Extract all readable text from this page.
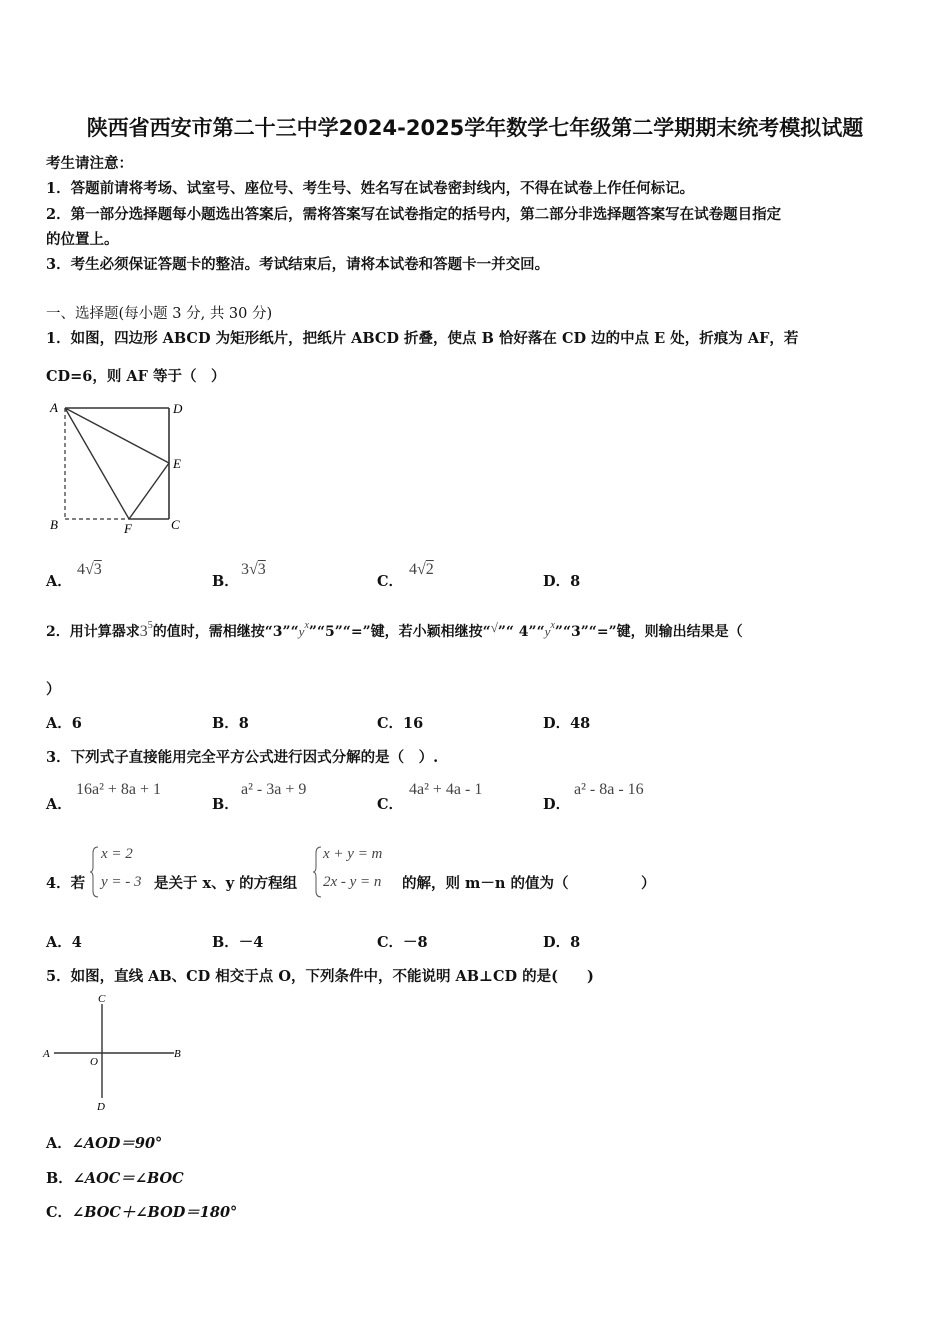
陕西省西安市第二十三中学2024-2025学年数学七年级第二学期期末统考模拟试题
考生请注意：
1．答题前请将考场、试室号、座位号、考生号、姓名写在试卷密封线内，不得在试卷上作任何标记。
2．第一部分选择题每小题选出答案后，需将答案写在试卷指定的括号内，第二部分非选择题答案写在试卷题目指定
的位置上。
3．考生必须保证答题卡的整洁。考试结束后，请将本试卷和答题卡一并交回。
一、选择题(每小题 3 分, 共 30 分)
1．如图，四边形 ABCD 为矩形纸片，把纸片 ABCD 折叠，使点 B 恰好落在 CD 边的中点 E 处，折痕为 AF，若
CD=6，则 AF 等于（　）
A	D
E
B	F	C
A．
4√3
B．
3√3
C．
4√2
D．8
2．用计算器求$3^5$的值时，需相继按“$3”“y^x”“5”“=$”键，若小颖相继按“√”“ $4”“y^x”“3”“=$”键，则输出结果是（
）
A．6	B．8	C．16	D．48
3．下列式子直接能用完全平方公式进行因式分解的是（　）.
A．
16a² + 8a + 1
B．
a² - 3a + 9
C．
4a² + 4a - 1
D．
a² - 8a - 16
4．若
x = 2
y = - 3 是关于 x、y 的方程组
x + y = m
2x - y = n 的解，则 m－n 的值为（　　　　　）
A．4	B．－4	C．－8	D．8
5．如图，直线 AB、CD 相交于点 O，下列条件中，不能说明 AB⊥CD 的是(　　)
A	B
C
D
O
A．∠AOD＝90°
B．∠AOC＝∠BOC
C．∠BOC＋∠BOD＝180°
